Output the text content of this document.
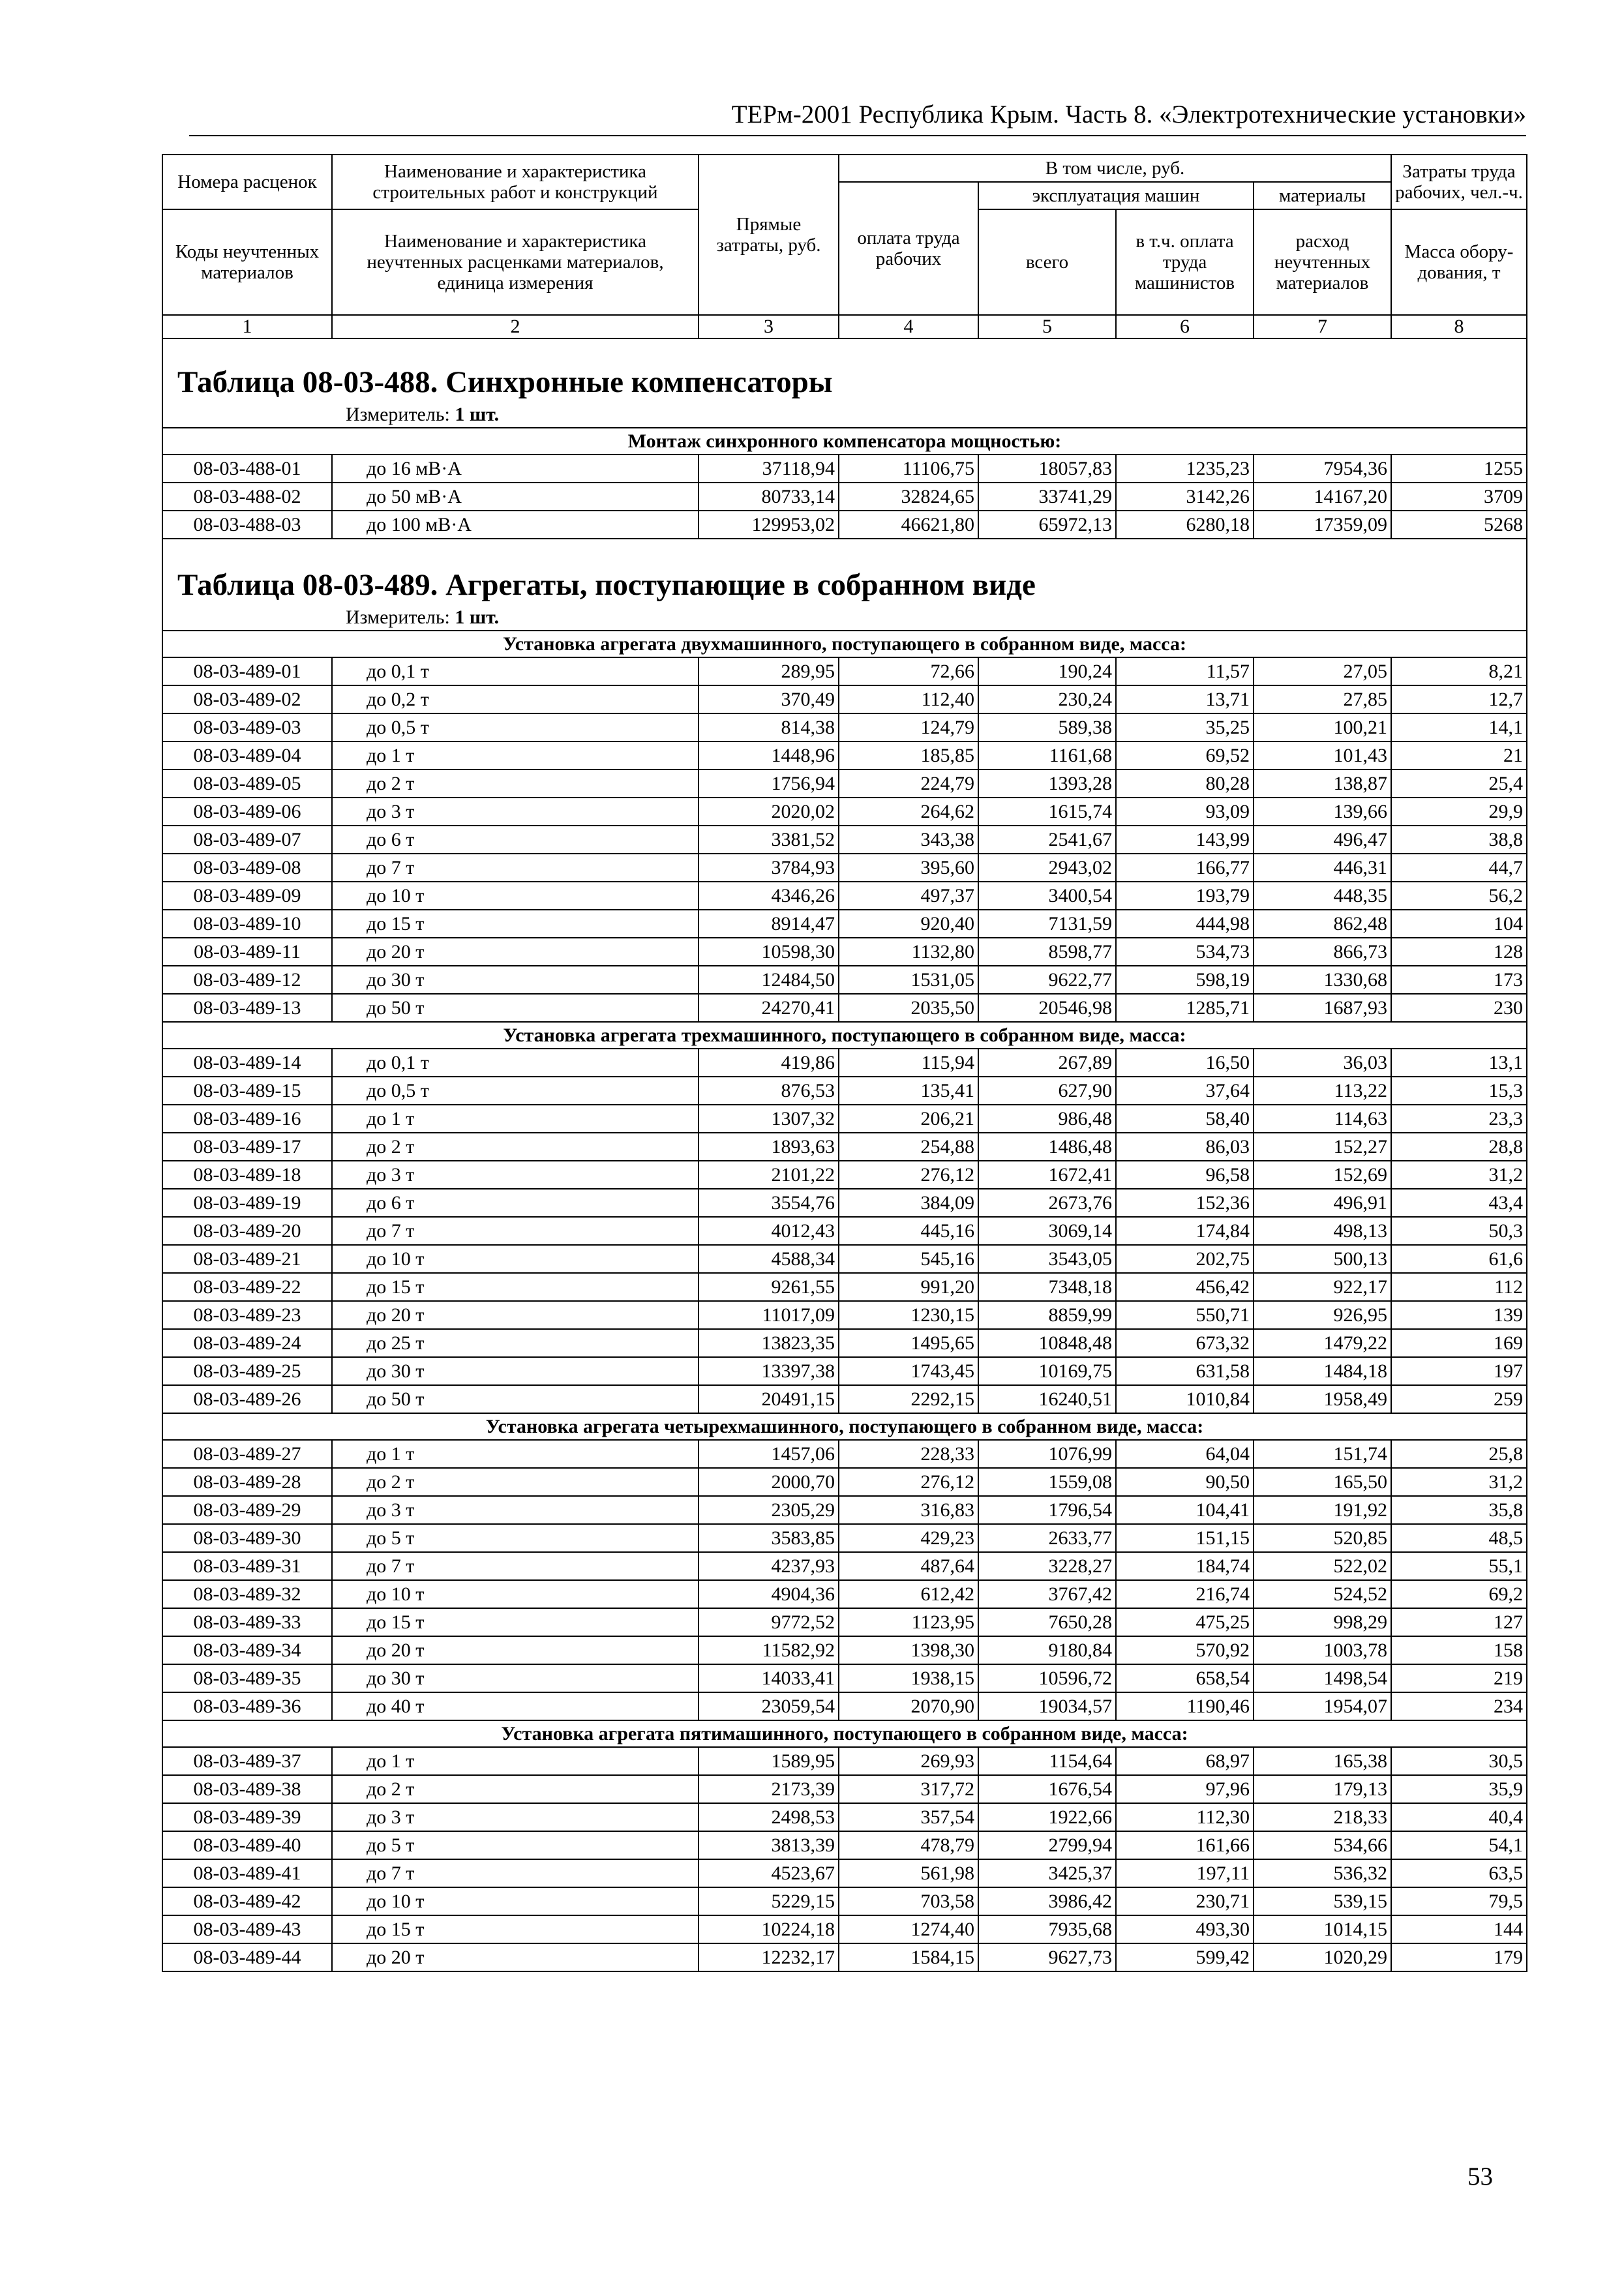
ТЕРм-2001 Республика Крым. Часть 8. «Электротехнические установки»
Номера расценок	Наименование и характеристика строительных работ и конструкций	Прямые затраты, руб.	В том числе, руб.				Затраты труда рабочих, чел.-ч.
			оплата труда рабочих	эксплуатация машин		материалы	
Коды неучтенных материалов	Наименование и характеристика неучтенных расценками материалов, единица измерения			всего	в т.ч. оплата труда машинистов	расход неучтенных материалов	
							Масса обору-дования, т
1	2	3	4	5	6	7	8

Таблица 08-03-488. Синхронные компенсаторы							
Измеритель: 1 шт.							
Монтаж синхронного компенсатора мощностью:							
08-03-488-01	до 16 мВ·А	37118,94	11106,75	18057,83	1235,23	7954,36	1255
08-03-488-02	до 50 мВ·А	80733,14	32824,65	33741,29	3142,26	14167,20	3709
08-03-488-03	до 100 мВ·А	129953,02	46621,80	65972,13	6280,18	17359,09	5268

Таблица 08-03-489. Агрегаты, поступающие в собранном виде							
Измеритель: 1 шт.							
Установка агрегата двухмашинного, поступающего в собранном виде, масса:							
08-03-489-01	до 0,1 т	289,95	72,66	190,24	11,57	27,05	8,21
08-03-489-02	до 0,2 т	370,49	112,40	230,24	13,71	27,85	12,7
08-03-489-03	до 0,5 т	814,38	124,79	589,38	35,25	100,21	14,1
08-03-489-04	до 1 т	1448,96	185,85	1161,68	69,52	101,43	21
08-03-489-05	до 2 т	1756,94	224,79	1393,28	80,28	138,87	25,4
08-03-489-06	до 3 т	2020,02	264,62	1615,74	93,09	139,66	29,9
08-03-489-07	до 6 т	3381,52	343,38	2541,67	143,99	496,47	38,8
08-03-489-08	до 7 т	3784,93	395,60	2943,02	166,77	446,31	44,7
08-03-489-09	до 10 т	4346,26	497,37	3400,54	193,79	448,35	56,2
08-03-489-10	до 15 т	8914,47	920,40	7131,59	444,98	862,48	104
08-03-489-11	до 20 т	10598,30	1132,80	8598,77	534,73	866,73	128
08-03-489-12	до 30 т	12484,50	1531,05	9622,77	598,19	1330,68	173
08-03-489-13	до 50 т	24270,41	2035,50	20546,98	1285,71	1687,93	230
Установка агрегата трехмашинного, поступающего в собранном виде, масса:							
08-03-489-14	до 0,1 т	419,86	115,94	267,89	16,50	36,03	13,1
08-03-489-15	до 0,5 т	876,53	135,41	627,90	37,64	113,22	15,3
08-03-489-16	до 1 т	1307,32	206,21	986,48	58,40	114,63	23,3
08-03-489-17	до 2 т	1893,63	254,88	1486,48	86,03	152,27	28,8
08-03-489-18	до 3 т	2101,22	276,12	1672,41	96,58	152,69	31,2
08-03-489-19	до 6 т	3554,76	384,09	2673,76	152,36	496,91	43,4
08-03-489-20	до 7 т	4012,43	445,16	3069,14	174,84	498,13	50,3
08-03-489-21	до 10 т	4588,34	545,16	3543,05	202,75	500,13	61,6
08-03-489-22	до 15 т	9261,55	991,20	7348,18	456,42	922,17	112
08-03-489-23	до 20 т	11017,09	1230,15	8859,99	550,71	926,95	139
08-03-489-24	до 25 т	13823,35	1495,65	10848,48	673,32	1479,22	169
08-03-489-25	до 30 т	13397,38	1743,45	10169,75	631,58	1484,18	197
08-03-489-26	до 50 т	20491,15	2292,15	16240,51	1010,84	1958,49	259
Установка агрегата четырехмашинного, поступающего в собранном виде, масса:							
08-03-489-27	до 1 т	1457,06	228,33	1076,99	64,04	151,74	25,8
08-03-489-28	до 2 т	2000,70	276,12	1559,08	90,50	165,50	31,2
08-03-489-29	до 3 т	2305,29	316,83	1796,54	104,41	191,92	35,8
08-03-489-30	до 5 т	3583,85	429,23	2633,77	151,15	520,85	48,5
08-03-489-31	до 7 т	4237,93	487,64	3228,27	184,74	522,02	55,1
08-03-489-32	до 10 т	4904,36	612,42	3767,42	216,74	524,52	69,2
08-03-489-33	до 15 т	9772,52	1123,95	7650,28	475,25	998,29	127
08-03-489-34	до 20 т	11582,92	1398,30	9180,84	570,92	1003,78	158
08-03-489-35	до 30 т	14033,41	1938,15	10596,72	658,54	1498,54	219
08-03-489-36	до 40 т	23059,54	2070,90	19034,57	1190,46	1954,07	234
Установка агрегата пятимашинного, поступающего в собранном виде, масса:							
08-03-489-37	до 1 т	1589,95	269,93	1154,64	68,97	165,38	30,5
08-03-489-38	до 2 т	2173,39	317,72	1676,54	97,96	179,13	35,9
08-03-489-39	до 3 т	2498,53	357,54	1922,66	112,30	218,33	40,4
08-03-489-40	до 5 т	3813,39	478,79	2799,94	161,66	534,66	54,1
08-03-489-41	до 7 т	4523,67	561,98	3425,37	197,11	536,32	63,5
08-03-489-42	до 10 т	5229,15	703,58	3986,42	230,71	539,15	79,5
08-03-489-43	до 15 т	10224,18	1274,40	7935,68	493,30	1014,15	144
08-03-489-44	до 20 т	12232,17	1584,15	9627,73	599,42	1020,29	179
53
